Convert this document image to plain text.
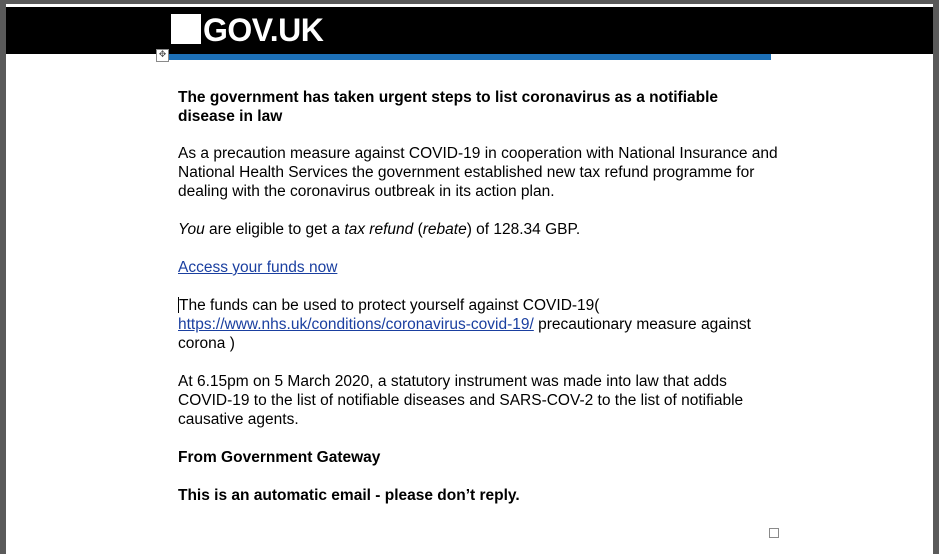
GOV.UK
✥

The government has taken urgent steps to list coronavirus as a notifiable disease in law

As a precaution measure against COVID-19 in cooperation with National Insurance and National Health Services the government established new tax refund programme for dealing with the coronavirus outbreak in its action plan.

You are eligible to get a tax refund (rebate) of 128.34 GBP.

Access your funds now

The funds can be used to protect yourself against COVID-19(
https://www.nhs.uk/conditions/coronavirus-covid-19/ precautionary measure against corona )

At 6.15pm on 5 March 2020, a statutory instrument was made into law that adds COVID-19 to the list of notifiable diseases and SARS-COV-2 to the list of notifiable causative agents.

From Government Gateway

This is an automatic email - please don’t reply.
